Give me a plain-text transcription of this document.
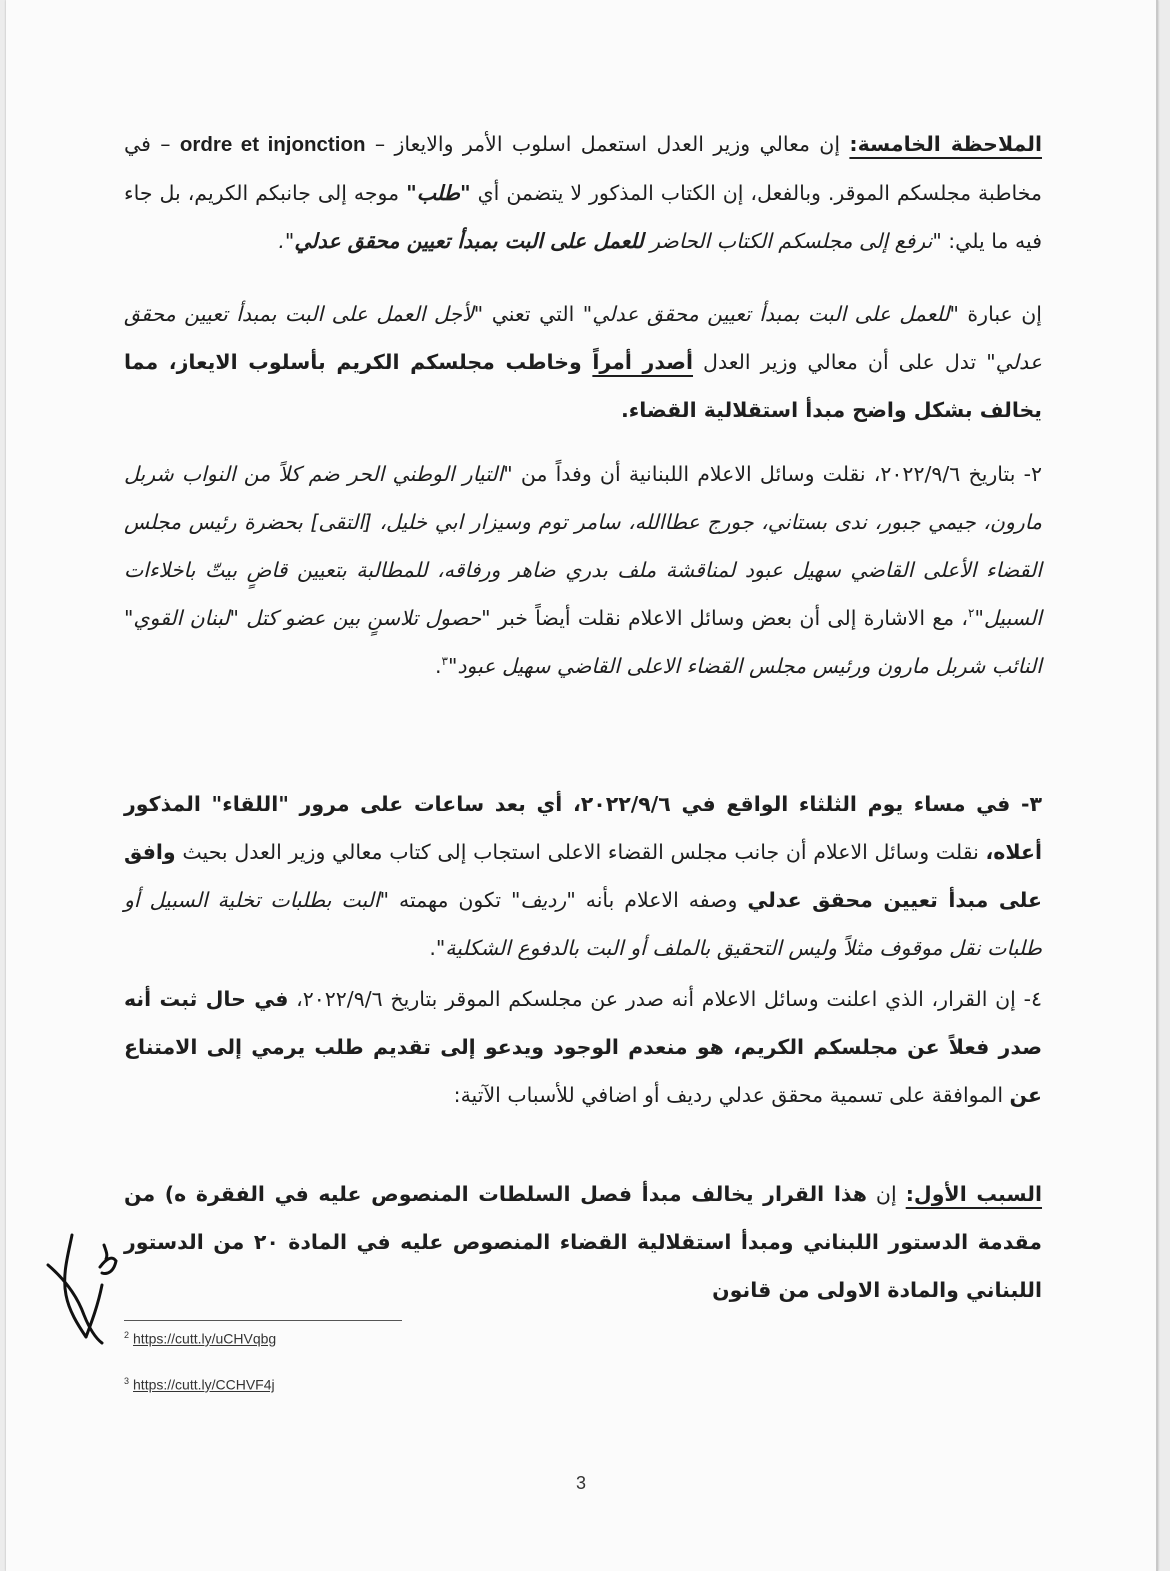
الملاحظة الخامسة: إن معالي وزير العدل استعمل اسلوب الأمر والايعاز – ordre et injonction – في مخاطبة مجلسكم الموقر. وبالفعل، إن الكتاب المذكور لا يتضمن أي "طلب" موجه إلى جانبكم الكريم، بل جاء فيه ما يلي: "نرفع إلى مجلسكم الكتاب الحاضر للعمل على البت بمبدأ تعيين محقق عدلي".

إن عبارة "للعمل على البت بمبدأ تعيين محقق عدلي" التي تعني "لأجل العمل على البت بمبدأ تعيين محقق عدلي" تدل على أن معالي وزير العدل أصدر أمراً وخاطب مجلسكم الكريم بأسلوب الايعاز، مما يخالف بشكل واضح مبدأ استقلالية القضاء.

٢- بتاريخ ٢٠٢٢/٩/٦، نقلت وسائل الاعلام اللبنانية أن وفداً من "التيار الوطني الحر ضم كلاً من النواب شربل مارون، جيمي جبور، ندى بستاني، جورج عطاالله، سامر توم وسيزار ابي خليل، [التقى] بحضرة رئيس مجلس القضاء الأعلى القاضي سهيل عبود لمناقشة ملف بدري ضاهر ورفاقه، للمطالبة بتعيين قاضٍ بيتّ باخلاءات السبيل"$^٢$، مع الاشارة إلى أن بعض وسائل الاعلام نقلت أيضاً خبر "حصول تلاسنٍ بين عضو كتل "لبنان القوي" النائب شربل مارون ورئيس مجلس القضاء الاعلى القاضي سهيل عبود"$^٣$.

٣- في مساء يوم الثلثاء الواقع في ٢٠٢٢/٩/٦، أي بعد ساعات على مرور "اللقاء" المذكور أعلاه، نقلت وسائل الاعلام أن جانب مجلس القضاء الاعلى استجاب إلى كتاب معالي وزير العدل بحيث وافق على مبدأ تعيين محقق عدلي وصفه الاعلام بأنه "رديف" تكون مهمته "البت بطلبات تخلية السبيل أو طلبات نقل موقوف مثلاً وليس التحقيق بالملف أو البت بالدفوع الشكلية".

٤- إن القرار، الذي اعلنت وسائل الاعلام أنه صدر عن مجلسكم الموقر بتاريخ ٢٠٢٢/٩/٦، في حال ثبت أنه صدر فعلاً عن مجلسكم الكريم، هو منعدم الوجود ويدعو إلى تقديم طلب يرمي إلى الامتناع عن الموافقة على تسمية محقق عدلي رديف أو اضافي للأسباب الآتية:

السبب الأول: إن هذا القرار يخالف مبدأ فصل السلطات المنصوص عليه في الفقرة ه) من مقدمة الدستور اللبناني ومبدأ استقلالية القضاء المنصوص عليه في المادة ٢٠ من الدستور اللبناني والمادة الاولى من قانون

$^2$ https://cutt.ly/uCHVqbg
$^3$ https://cutt.ly/CCHVF4j
3
